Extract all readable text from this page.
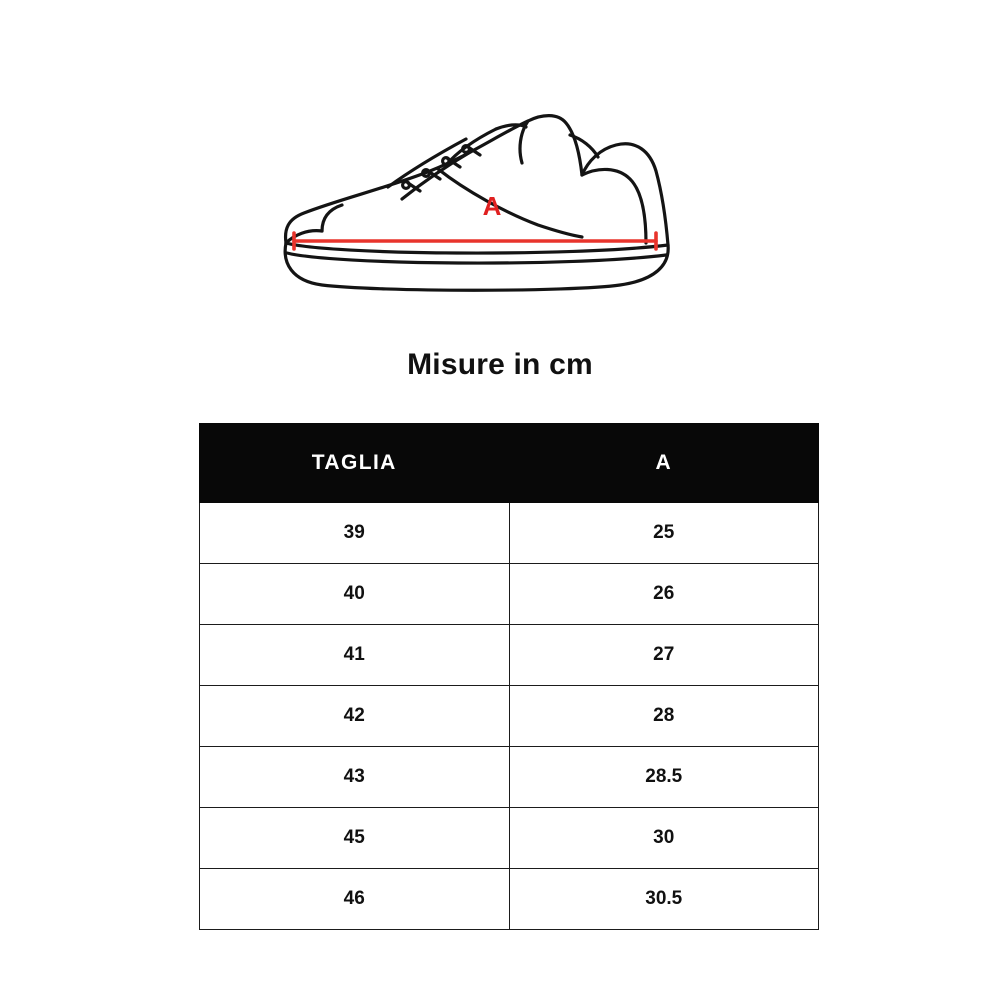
A
Misure in cm
TAGLIA	A
39	25
40	26
41	27
42	28
43	28.5
45	30
46	30.5
